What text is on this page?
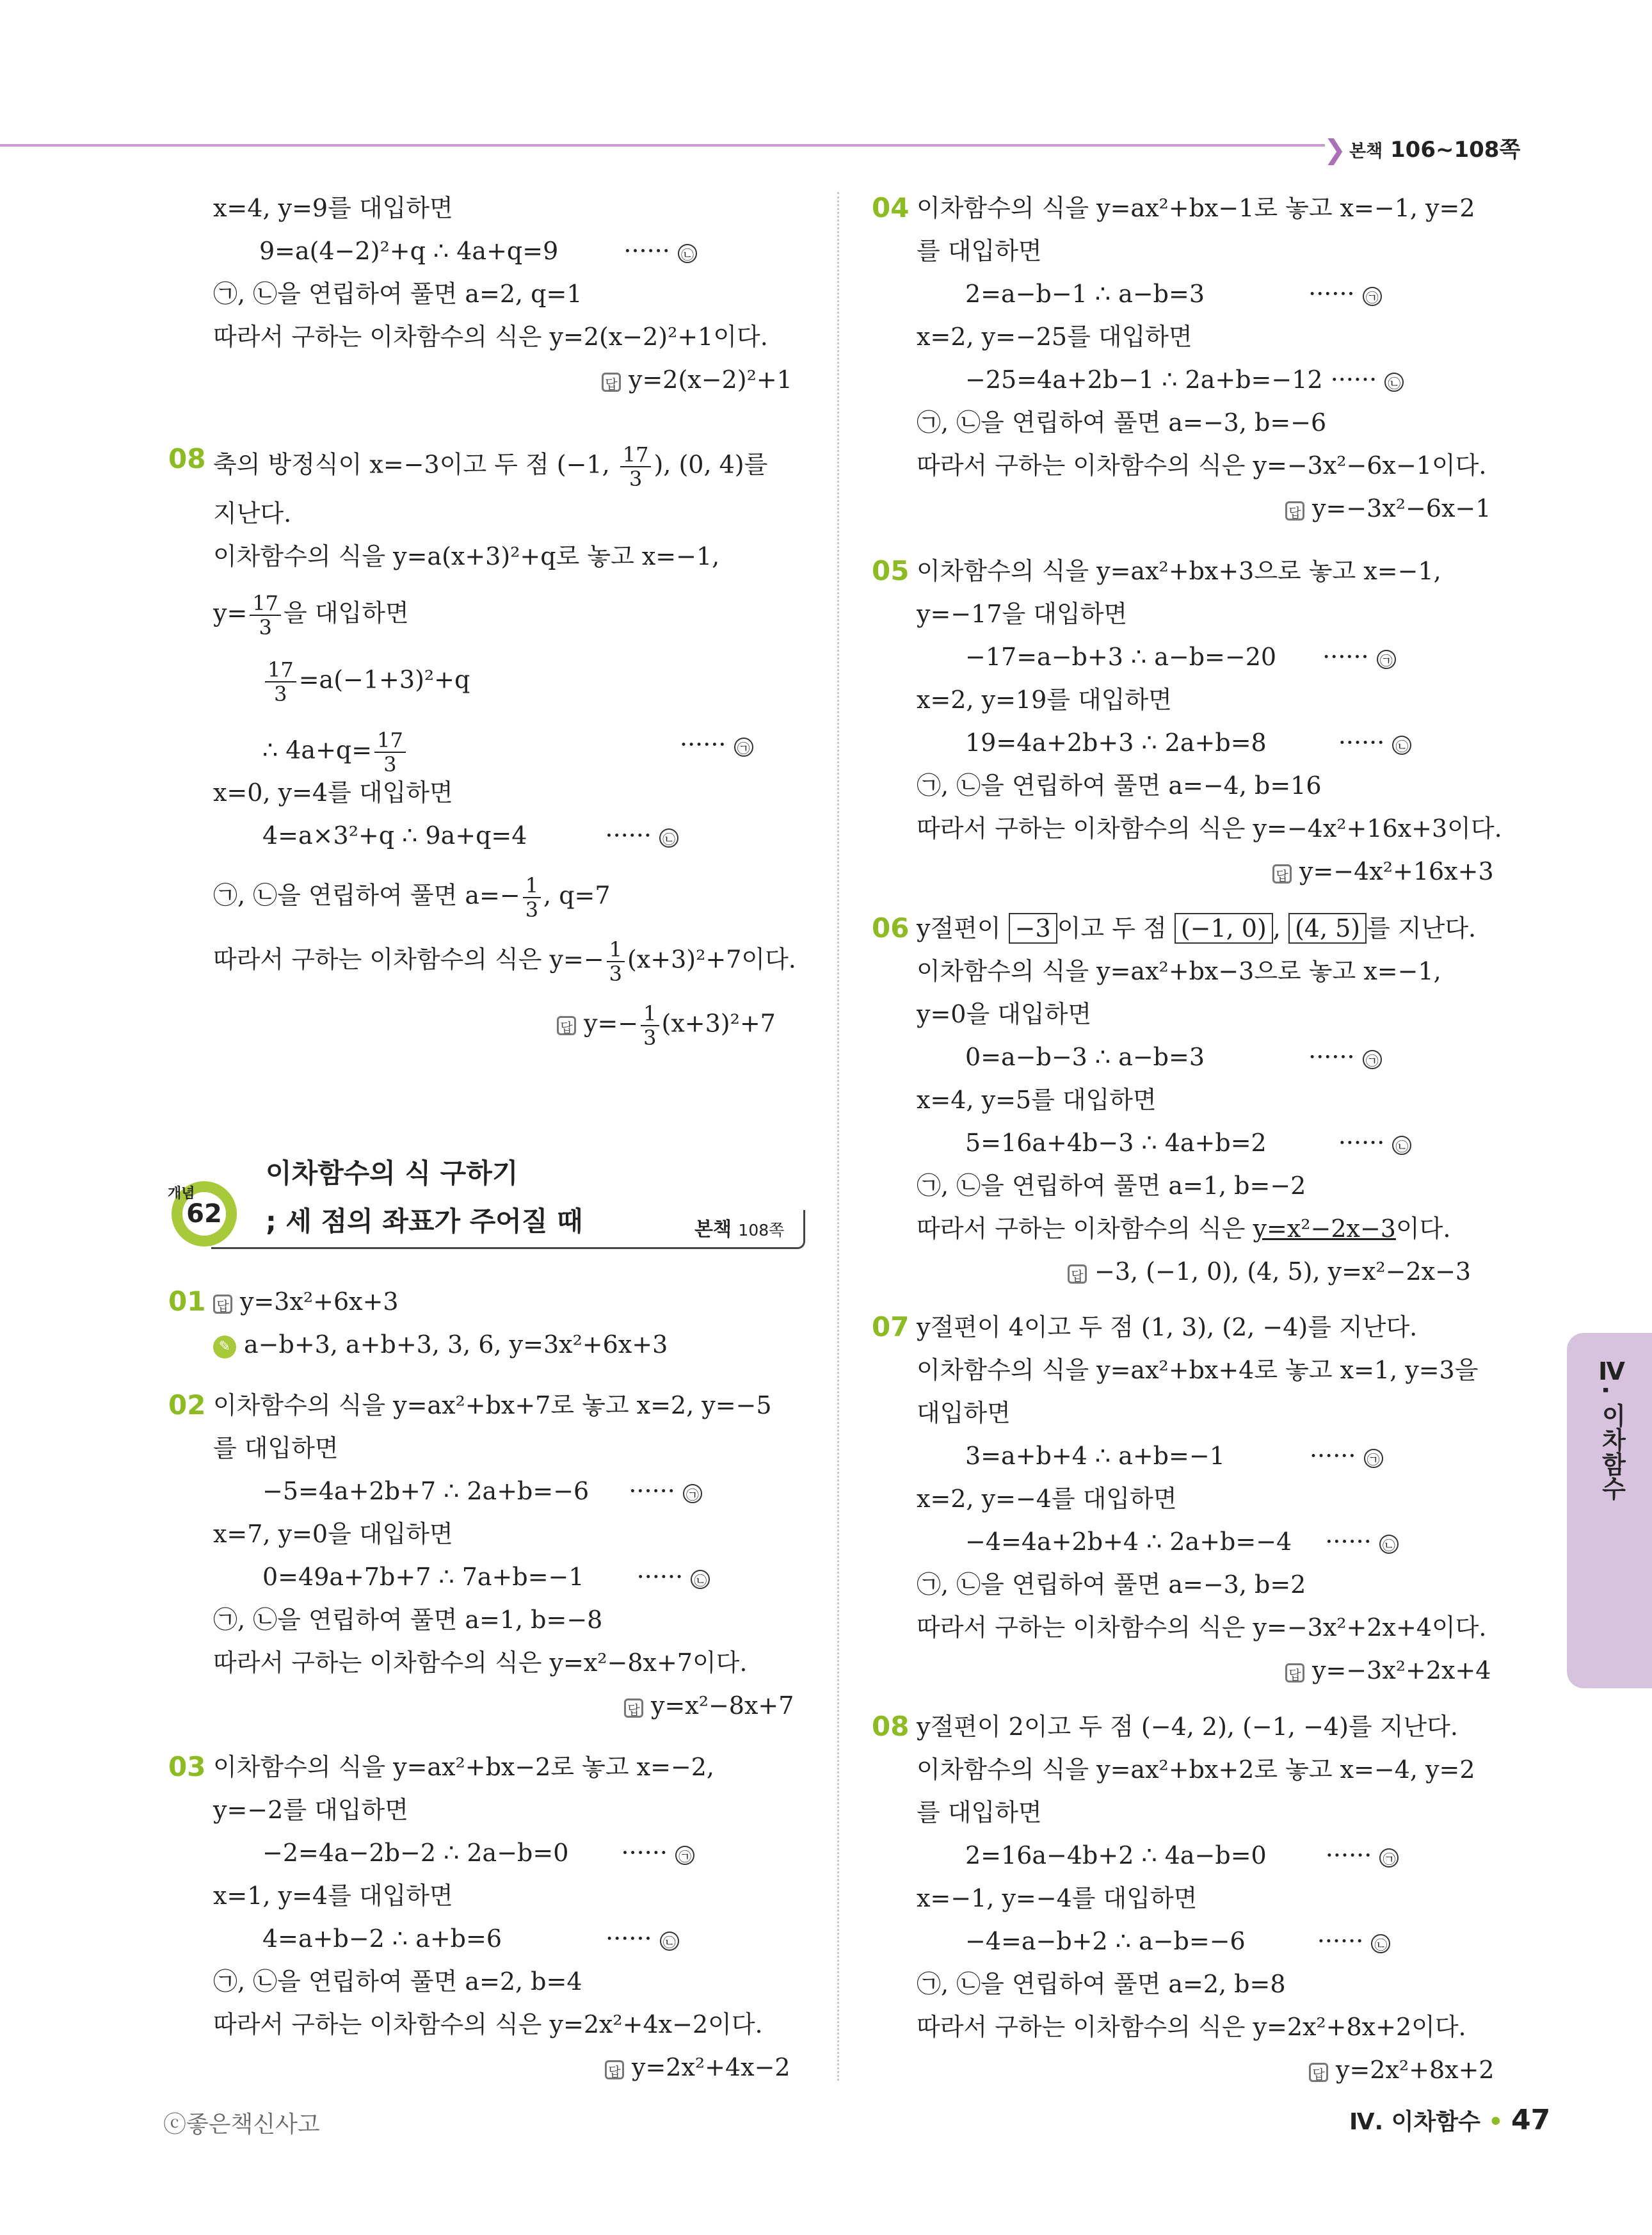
❯ 본책 106~108쪽
x=4, y=9를 대입하면
9=a(4−2)²+q ∴ 4a+q=9	······ ㉡
㉠, ㉡을 연립하여 풀면 a=2, q=1
따라서 구하는 이차함수의 식은 y=2(x−2)²+1이다.
답 y=2(x−2)²+1
08 축의 방정식이 x=−3이고 두 점 (−1, $\frac{17}{3}$ ), (0, 4)를
지난다.
이차함수의 식을 y=a(x+3)²+q로 놓고 x=−1,
$y= \frac{17}{3}$ 을 대입하면
$\frac{17}{3} =a(-1+3)^2+q$
∴ $4a+q= \frac{17}{3}$	······ ㉠
x=0, y=4를 대입하면
4=a×3²+q ∴ 9a+q=4	······ ㉡
㉠, ㉡을 연립하여 풀면 $a=- \frac{1}{3}$ , q=7
따라서 구하는 이차함수의 식은 $y=- \frac{1}{3} (x+3)^2+7$이다.
답 $y=- \frac{1}{3} (x+3)^2+7$
62
개념
이차함수의 식 구하기
; 세 점의 좌표가 주어질 때	본책 108쪽
01 답 y=3x²+6x+3
✎ a−b+3, a+b+3, 3, 6, y=3x²+6x+3
02 이차함수의 식을 y=ax²+bx+7로 놓고 x=2, y=−5
를 대입하면
−5=4a+2b+7 ∴ 2a+b=−6 ······ ㉠
x=7, y=0을 대입하면
0=49a+7b+7 ∴ 7a+b=−1 ······ ㉡
㉠, ㉡을 연립하여 풀면 a=1, b=−8
따라서 구하는 이차함수의 식은 y=x²−8x+7이다.
답 y=x²−8x+7
03 이차함수의 식을 y=ax²+bx−2로 놓고 x=−2,
y=−2를 대입하면
−2=4a−2b−2 ∴ 2a−b=0 ······ ㉠
x=1, y=4를 대입하면
4=a+b−2 ∴ a+b=6	······ ㉡
㉠, ㉡을 연립하여 풀면 a=2, b=4
따라서 구하는 이차함수의 식은 y=2x²+4x−2이다.
답 y=2x²+4x−2
04 이차함수의 식을 y=ax²+bx−1로 놓고 x=−1, y=2
를 대입하면
2=a−b−1 ∴ a−b=3	······ ㉠
x=2, y=−25를 대입하면
−25=4a+2b−1 ∴ 2a+b=−12 ······ ㉡
㉠, ㉡을 연립하여 풀면 a=−3, b=−6
따라서 구하는 이차함수의 식은 y=−3x²−6x−1이다.
답 y=−3x²−6x−1
05 이차함수의 식을 y=ax²+bx+3으로 놓고 x=−1,
y=−17을 대입하면
−17=a−b+3 ∴ a−b=−20 ······ ㉠
x=2, y=19를 대입하면
19=4a+2b+3 ∴ 2a+b=8	······ ㉡
㉠, ㉡을 연립하여 풀면 a=−4, b=16
따라서 구하는 이차함수의 식은 y=−4x²+16x+3이다.
답 y=−4x²+16x+3
06 y절편이 −3 이고 두 점 (−1, 0) , (4, 5) 를 지난다.
이차함수의 식을 y=ax²+bx−3으로 놓고 x=−1,
y=0을 대입하면
0=a−b−3 ∴ a−b=3	······ ㉠
x=4, y=5를 대입하면
5=16a+4b−3 ∴ 4a+b=2	······ ㉡
㉠, ㉡을 연립하여 풀면 a=1, b=−2
따라서 구하는 이차함수의 식은 y=x²−2x−3이다.
답 −3, (−1, 0), (4, 5), y=x²−2x−3
07 y절편이 4이고 두 점 (1, 3), (2, −4)를 지난다.
이차함수의 식을 y=ax²+bx+4로 놓고 x=1, y=3을
대입하면
3=a+b+4 ∴ a+b=−1	······ ㉠
x=2, y=−4를 대입하면
−4=4a+2b+4 ∴ 2a+b=−4 ······ ㉡
㉠, ㉡을 연립하여 풀면 a=−3, b=2
따라서 구하는 이차함수의 식은 y=−3x²+2x+4이다.
답 y=−3x²+2x+4
08 y절편이 2이고 두 점 (−4, 2), (−1, −4)를 지난다.
이차함수의 식을 y=ax²+bx+2로 놓고 x=−4, y=2
를 대입하면
2=16a−4b+2 ∴ 4a−b=0 ······ ㉠
x=−1, y=−4를 대입하면
−4=a−b+2 ∴ a−b=−6	······ ㉡
㉠, ㉡을 연립하여 풀면 a=2, b=8
따라서 구하는 이차함수의 식은 y=2x²+8x+2이다.
답 y=2x²+8x+2
Ⅳ. 이차함수
ⓒ좋은책신사고	Ⅳ. 이차함수 • 47
